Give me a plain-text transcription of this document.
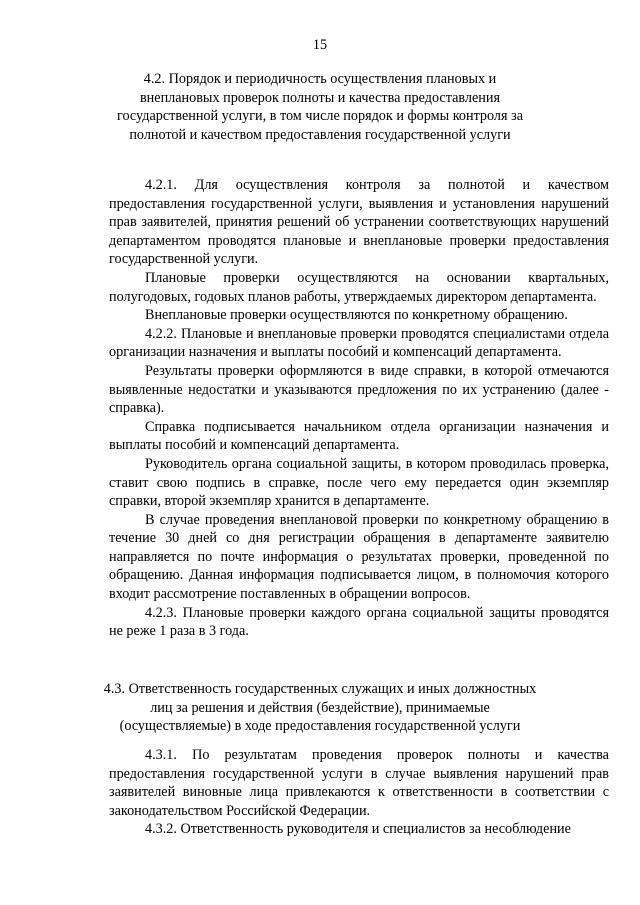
15
4.2. Порядок и периодичность осуществления плановых и внеплановых проверок полноты и качества предоставления государственной услуги, в том числе порядок и формы контроля за полнотой и качеством предоставления государственной услуги

4.2.1. Для осуществления контроля за полнотой и качеством предоставления государственной услуги, выявления и установления нарушений прав заявителей, принятия решений об устранении соответствующих нарушений департаментом проводятся плановые и внеплановые проверки предоставления государственной услуги.

Плановые проверки осуществляются на основании квартальных, полугодовых, годовых планов работы, утверждаемых директором департамента.

Внеплановые проверки осуществляются по конкретному обращению.

4.2.2. Плановые и внеплановые проверки проводятся специалистами отдела организации назначения и выплаты пособий и компенсаций департамента.

Результаты проверки оформляются в виде справки, в которой отмечаются выявленные недостатки и указываются предложения по их устранению (далее - справка).

Справка подписывается начальником отдела организации назначения и выплаты пособий и компенсаций департамента.

Руководитель органа социальной защиты, в котором проводилась проверка, ставит свою подпись в справке, после чего ему передается один экземпляр справки, второй экземпляр хранится в департаменте.

В случае проведения внеплановой проверки по конкретному обращению в течение 30 дней со дня регистрации обращения в департаменте заявителю направляется по почте информация о результатах проверки, проведенной по обращению. Данная информация подписывается лицом, в полномочия которого входит рассмотрение поставленных в обращении вопросов.

4.2.3. Плановые проверки каждого органа социальной защиты проводятся не реже 1 раза в 3 года.

4.3. Ответственность государственных служащих и иных должностных лиц за решения и действия (бездействие), принимаемые (осуществляемые) в ходе предоставления государственной услуги

4.3.1. По результатам проведения проверок полноты и качества предоставления государственной услуги в случае выявления нарушений прав заявителей виновные лица привлекаются к ответственности в соответствии с законодательством Российской Федерации.

4.3.2. Ответственность руководителя и специалистов за несоблюдение
